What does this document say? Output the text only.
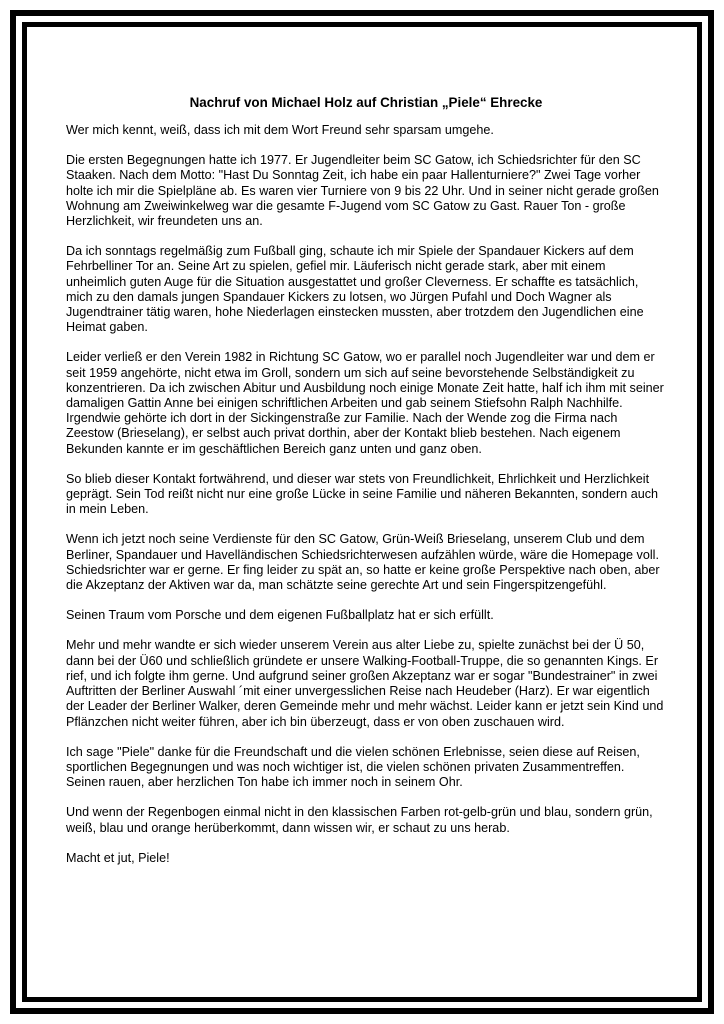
Nachruf von Michael Holz auf Christian „Piele“ Ehrecke

Wer mich kennt, weiß, dass ich mit dem Wort Freund sehr sparsam umgehe.

Die ersten Begegnungen hatte ich 1977. Er Jugendleiter beim SC Gatow, ich Schiedsrichter für den SC Staaken. Nach dem Motto: "Hast Du Sonntag Zeit, ich habe ein paar Hallenturniere?" Zwei Tage vorher holte ich mir die Spielpläne ab. Es waren vier Turniere von 9 bis 22 Uhr. Und in seiner nicht gerade großen Wohnung am Zweiwinkelweg war die gesamte F-Jugend vom SC Gatow zu Gast. Rauer Ton - große Herzlichkeit, wir freundeten uns an.

Da ich sonntags regelmäßig zum Fußball ging, schaute ich mir Spiele der Spandauer Kickers auf dem Fehrbelliner Tor an. Seine Art zu spielen, gefiel mir. Läuferisch nicht gerade stark, aber mit einem unheimlich guten Auge für die Situation ausgestattet und großer Cleverness. Er schaffte es tatsächlich, mich zu den damals jungen Spandauer Kickers zu lotsen, wo Jürgen Pufahl und Doch Wagner als Jugendtrainer tätig waren, hohe Niederlagen einstecken mussten, aber trotzdem den Jugendlichen eine Heimat gaben.

Leider verließ er den Verein 1982 in Richtung SC Gatow, wo er parallel noch Jugendleiter war und dem er seit 1959 angehörte, nicht etwa im Groll, sondern um sich auf seine bevorstehende Selbständigkeit zu konzentrieren. Da ich zwischen Abitur und Ausbildung noch einige Monate Zeit hatte, half ich ihm mit seiner damaligen Gattin Anne bei einigen schriftlichen Arbeiten und gab seinem Stiefsohn Ralph Nachhilfe. Irgendwie gehörte ich dort in der Sickingenstraße zur Familie. Nach der Wende zog die Firma nach Zeestow (Brieselang), er selbst auch privat dorthin, aber der Kontakt blieb bestehen. Nach eigenem Bekunden kannte er im geschäftlichen Bereich ganz unten und ganz oben.

So blieb dieser Kontakt fortwährend, und dieser war stets von Freundlichkeit, Ehrlichkeit und Herzlichkeit geprägt. Sein Tod reißt nicht nur eine große Lücke in seine Familie und näheren Bekannten, sondern auch in mein Leben.

Wenn ich jetzt noch seine Verdienste für den SC Gatow, Grün-Weiß Brieselang, unserem Club und dem Berliner, Spandauer und Havelländischen Schiedsrichterwesen aufzählen würde, wäre die Homepage voll. Schiedsrichter war er gerne. Er fing leider zu spät an, so hatte er keine große Perspektive nach oben, aber die Akzeptanz der Aktiven war da, man schätzte seine gerechte Art und sein Fingerspitzengefühl.

Seinen Traum vom Porsche und dem eigenen Fußballplatz hat er sich erfüllt.

Mehr und mehr wandte er sich wieder unserem Verein aus alter Liebe zu, spielte zunächst bei der Ü 50, dann bei der Ü60 und schließlich gründete er unsere Walking-Football-Truppe, die so genannten Kings. Er rief, und ich folgte ihm gerne. Und aufgrund seiner großen Akzeptanz war er sogar "Bundestrainer" in zwei Auftritten der Berliner Auswahl ´mit einer unvergesslichen Reise nach Heudeber (Harz). Er war eigentlich der Leader der Berliner Walker, deren Gemeinde mehr und mehr wächst. Leider kann er jetzt sein Kind und Pflänzchen nicht weiter führen, aber ich bin überzeugt, dass er von oben zuschauen wird.

Ich sage "Piele" danke für die Freundschaft und die vielen schönen Erlebnisse, seien diese auf Reisen, sportlichen Begegnungen und was noch wichtiger ist, die vielen schönen privaten Zusammentreffen. Seinen rauen, aber herzlichen Ton habe ich immer noch in seinem Ohr.

Und wenn der Regenbogen einmal nicht in den klassischen Farben rot-gelb-grün und blau, sondern grün, weiß, blau und orange herüberkommt, dann wissen wir, er schaut zu uns herab.

Macht et jut, Piele!
